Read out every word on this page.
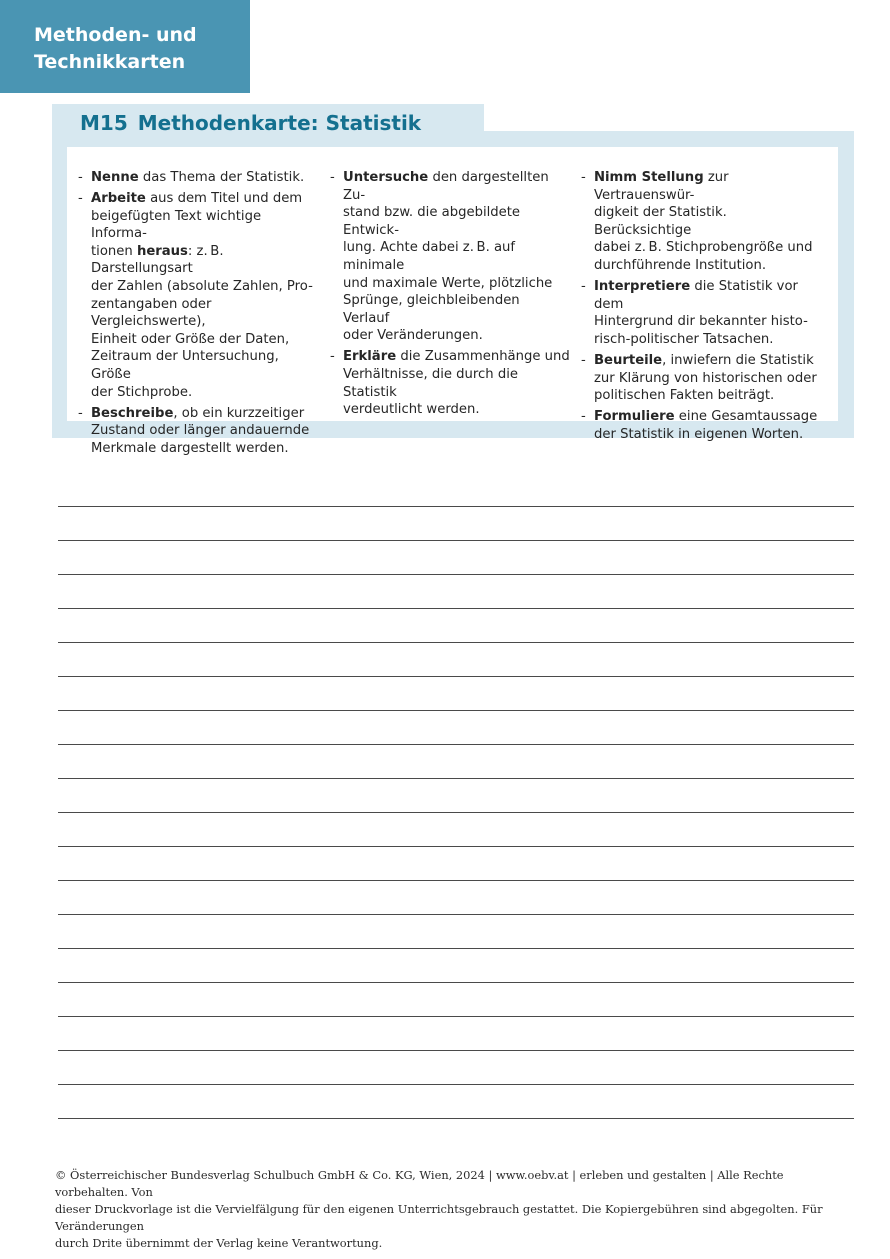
Methoden- und
Technikkarten
M15 Methodenkarte: Statistik
- Nenne das Thema der Statistik.
- Arbeite aus dem Titel und dem
beigefügten Text wichtige Informa-
tionen heraus: z. B. Darstellungsart
der Zahlen (absolute Zahlen, Pro-
zentangaben oder Vergleichswerte),
Einheit oder Größe der Daten,
Zeitraum der Untersuchung, Größe
der Stichprobe.
- Beschreibe, ob ein kurzzeitiger
Zustand oder länger andauernde
Merkmale dargestellt werden.
- Untersuche den dargestellten Zu-
stand bzw. die abgebildete Entwick-
lung. Achte dabei z. B. auf minimale
und maximale Werte, plötzliche
Sprünge, gleichbleibenden Verlauf
oder Veränderungen.
- Erkläre die Zusammenhänge und
Verhältnisse, die durch die Statistik
verdeutlicht werden.
- Nimm Stellung zur Vertrauenswür-
digkeit der Statistik. Berücksichtige
dabei z. B. Stichprobengröße und
durchführende Institution.
- Interpretiere die Statistik vor dem
Hintergrund dir bekannter histo-
risch-politischer Tatsachen.
- Beurteile, inwiefern die Statistik
zur Klärung von historischen oder
politischen Fakten beiträgt.
- Formuliere eine Gesamtaussage
der Statistik in eigenen Worten.
© Österreichischer Bundesverlag Schulbuch GmbH & Co. KG, Wien, 2024 | www.oebv.at | erleben und gestalten | Alle Rechte vorbehalten. Von
dieser Druckvorlage ist die Vervielfälgung für den eigenen Unterrichtsgebrauch gestattet. Die Kopiergebühren sind abgegolten. Für Veränderungen
durch Drite übernimmt der Verlag keine Verantwortung.
